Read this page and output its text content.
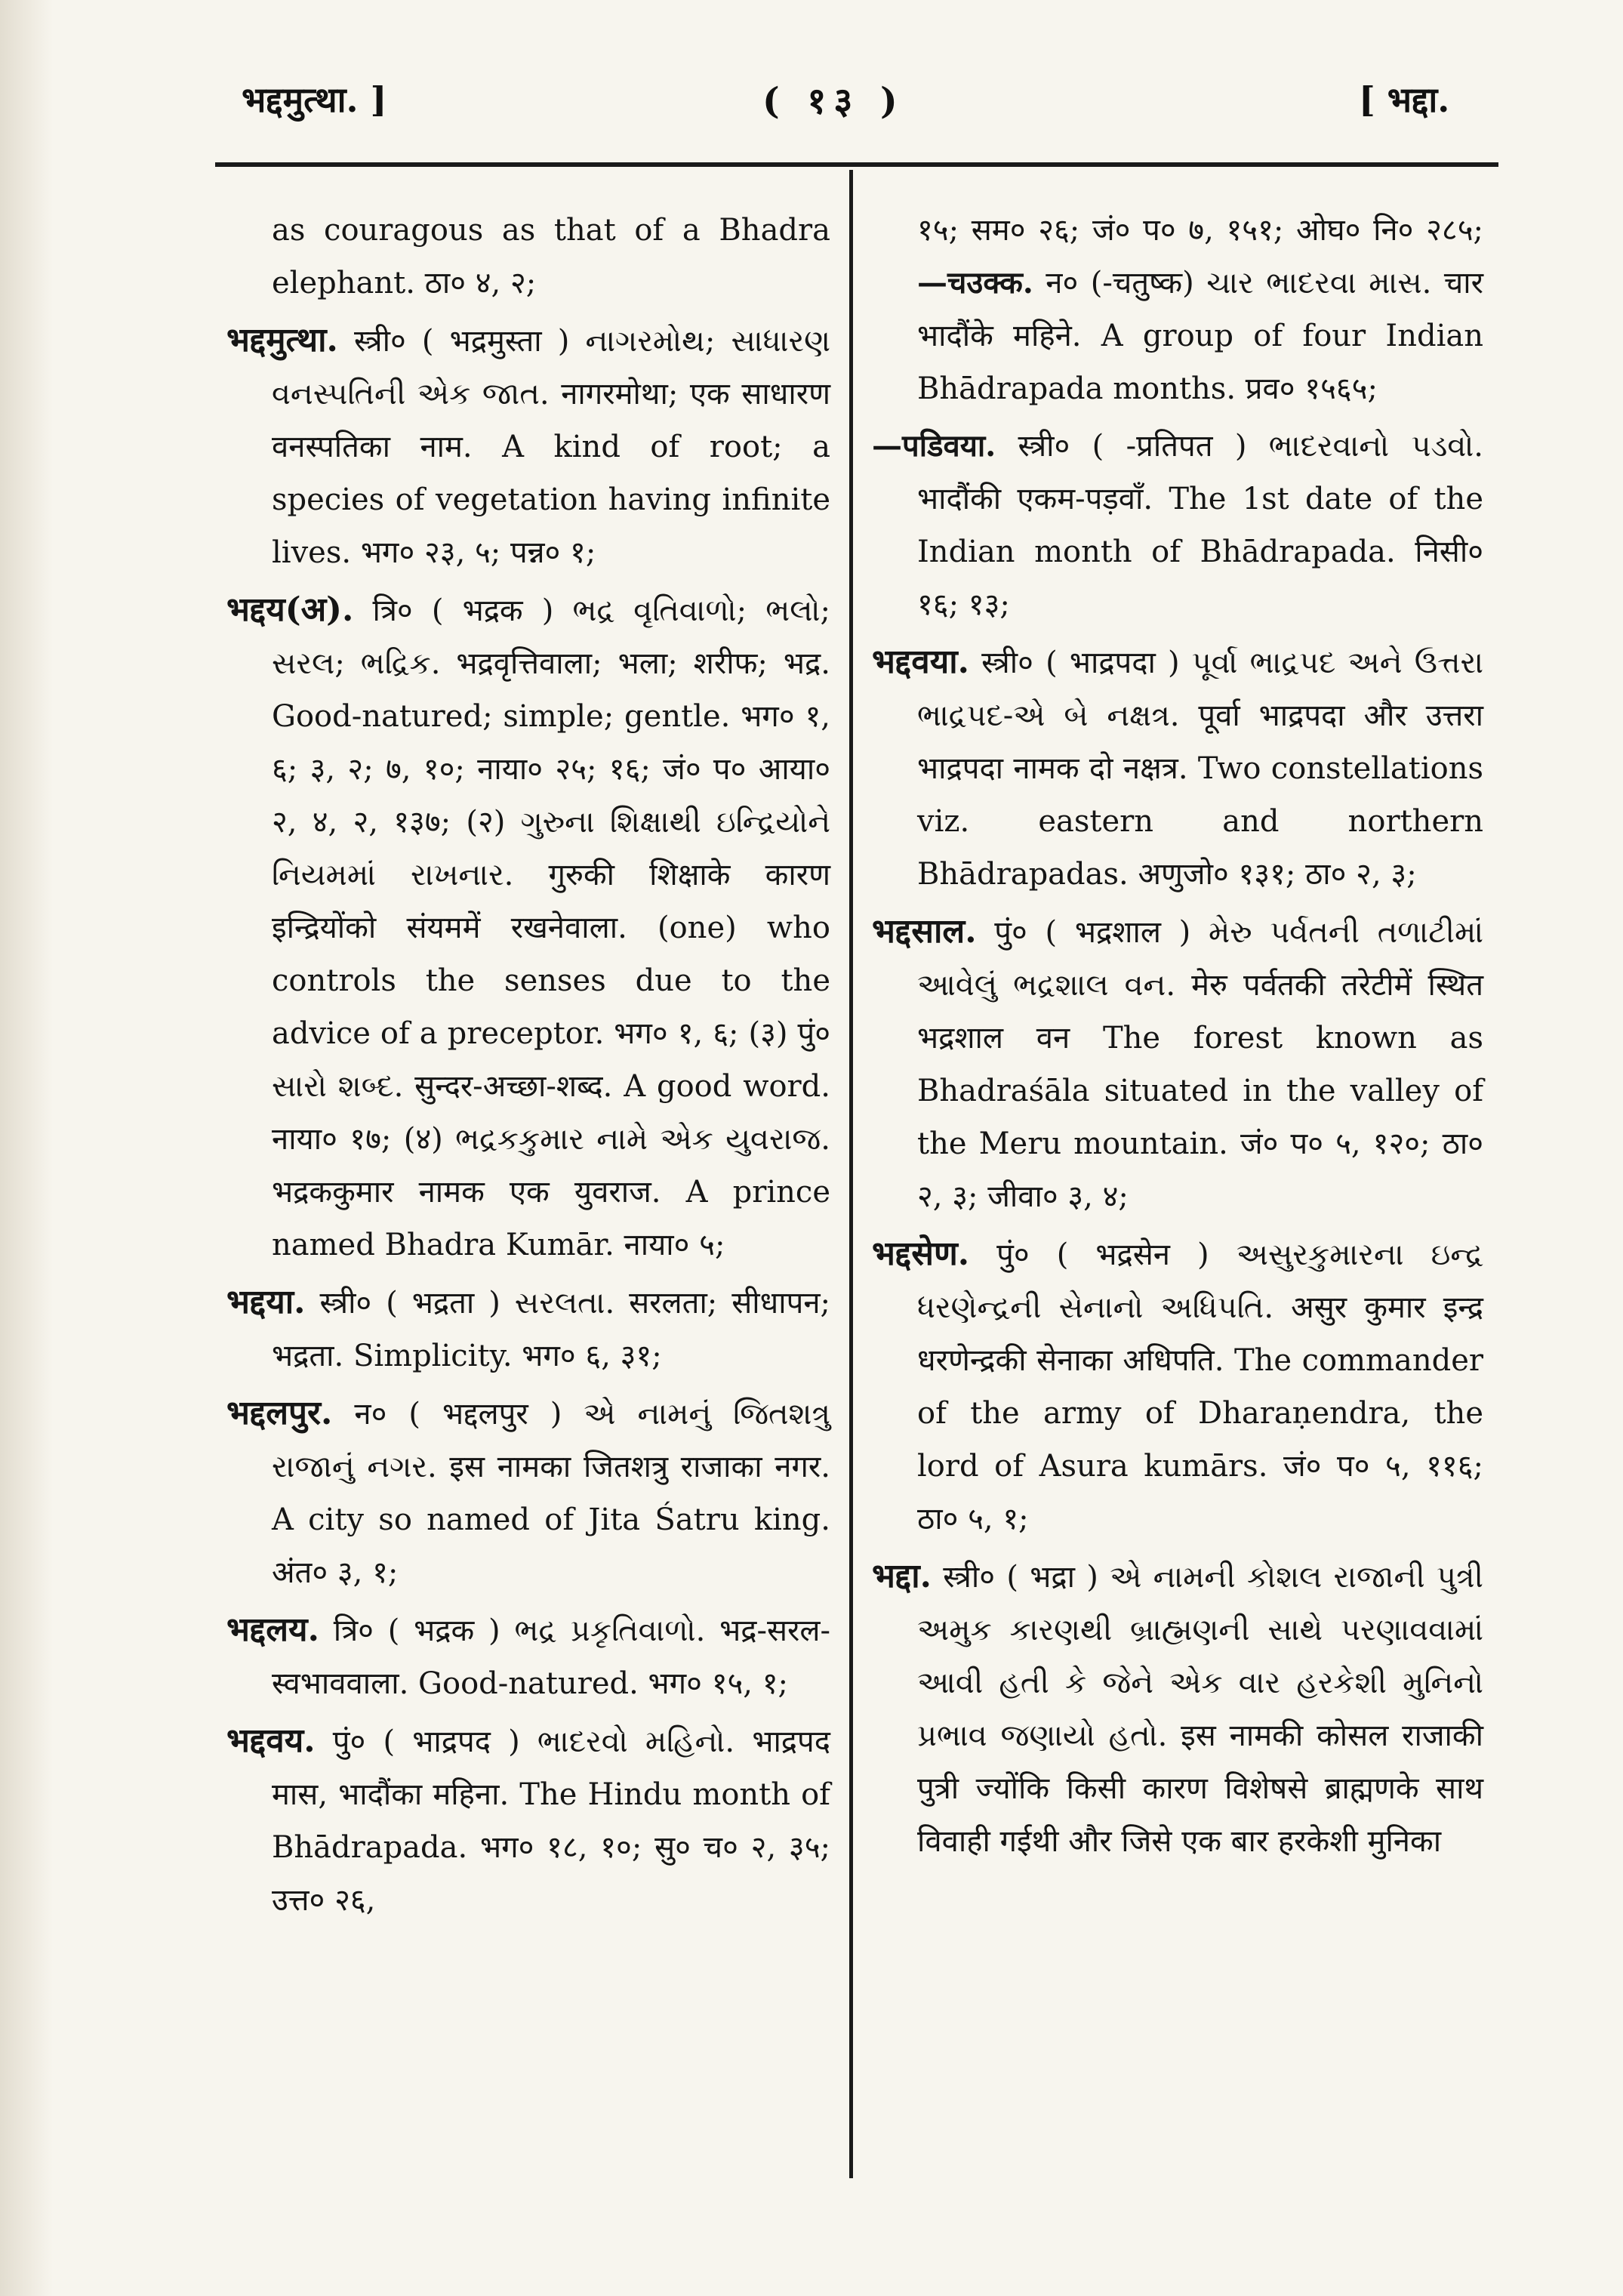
भद्दमुत्था. ]	( १३ )	[ भद्दा.

as couragous as that of a Bhadra elephant. ठा० ४, २;

भद्दमुत्था. स्त्री० ( भद्रमुस्ता ) નાગરમોથ; સાધારણ વનસ્પતિની એક જાત. नागरमोथा; एक साधारण वनस्पतिका नाम. A kind of root; a species of vegetation having infinite lives. भग० २३, ५; पन्न० १;

भद्दय(अ). त्रि० ( भद्रक ) ભદ્ર વૃતિવાળો; ભલો; સરલ; ભદ્રિક. भद्रवृत्तिवाला; भला; शरीफ; भद्र. Good-natured; simple; gentle. भग० १, ६; ३, २; ७, १०; नाया० २५; १६; जं० प० आया० २, ४, २, १३७; (२) ગુરુના શિક્ષાથી ઇન્દ્રિયોને નિયમમાં રાખનાર. गुरुकी शिक्षाके कारण इन्द्रियोंको संयममें रखनेवाला. (one) who controls the senses due to the advice of a preceptor. भग० १, ६; (३) पुं० સારો શબ્દ. सुन्दर-अच्छा-शब्द. A good word. नाया० १७; (४) ભદ્રકકુમાર નામે એક યુવરાજ. भद्रककुमार नामक एक युवराज. A prince named Bhadra Kumār. नाया० ५;

भद्दया. स्त्री० ( भद्रता ) સરલતા. सरलता; सीधापन; भद्रता. Simplicity. भग० ६, ३१;

भद्दलपुर. न० ( भद्दलपुर ) એ નામનું જિતશત્રુ રાજાનું નગર. इस नामका जितशत्रु राजाका नगर. A city so named of Jita Śatru king. अंत० ३, १;

भद्दलय. त्रि० ( भद्रक ) ભદ્ર પ્રકૃતિવાળો. भद्र-सरल-स्वभाववाला. Good-natured. भग० १५, १;

भद्दवय. पुं० ( भाद्रपद ) ભાદરવો મહિનો. भाद्रपद मास, भादौंका महिना. The Hindu month of Bhādrapada. भग० १८, १०; सु० च० २, ३५; उत्त० २६,

१५; सम० २६; जं० प० ७, १५१; ओघ० नि० २८५; —चउक्क. न० (-चतुष्क) ચાર ભાદરવા માસ. चार भादौंके महिने. A group of four Indian Bhādrapada months. प्रव० १५६५;

—पडिवया. स्त्री० ( -प्रतिपत ) ભાદરવાનો પડવો. भादौंकी एकम-पड़वाँ. The 1st date of the Indian month of Bhādrapada. निसी० १६; १३;

भद्दवया. स्त्री० ( भाद्रपदा ) પૂર્વા ભાદ્રપદ અને ઉત્તરા ભાદ્રપદ-એ બે નક્ષત્ર. पूर्वा भाद्रपदा और उत्तरा भाद्रपदा नामक दो नक्षत्र. Two constellations viz. eastern and northern Bhādrapadas. अणुजो० १३१; ठा० २, ३;

भद्दसाल. पुं० ( भद्रशाल ) મેરુ પર્વતની તળાટીમાં આવેલું ભદ્રશાલ વન. मेरु पर्वतकी तरेटीमें स्थित भद्रशाल वन The forest known as Bhadraśāla situated in the valley of the Meru mountain. जं० प० ५, १२०; ठा० २, ३; जीवा० ३, ४;

भद्दसेण. पुं० ( भद्रसेन ) અસુરકુમારના ઇન્દ્ર ધરણેન્દ્રની સેનાનો અધિપતિ. असुर कुमार इन्द्र धरणेन्द्रकी सेनाका अधिपति. The commander of the army of Dharaṇendra, the lord of Asura kumārs. जं० प० ५, ११६; ठा० ५, १;

भद्दा. स्त्री० ( भद्रा ) એ નામની કોશલ રાજાની પુત્રી અમુક કારણથી બ્રાહ્મણની સાથે પરણાવવામાં આવી હતી કે જેને એક વાર હરકેશી મુનિનો પ્રભાવ જણાયો હતો. इस नामकी कोसल राजाकी पुत्री ज्योंकि किसी कारण विशेषसे ब्राह्मणके साथ विवाही गईथी और जिसे एक बार हरकेशी मुनिका
